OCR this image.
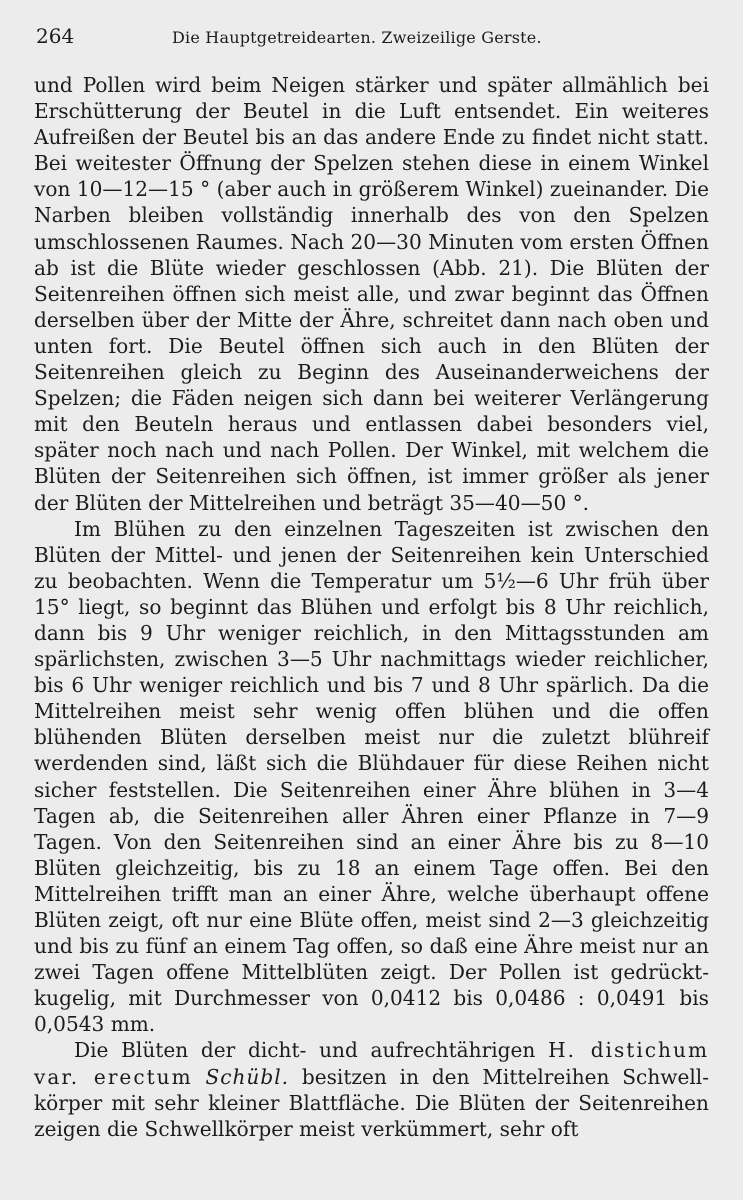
264	Die Hauptgetreidearten. Zweizeilige Gerste.

und Pollen wird beim Neigen stärker und später allmählich bei Erschütterung der Beutel in die Luft entsendet. Ein weiteres Aufreißen der Beutel bis an das andere Ende zu findet nicht statt. Bei weitester Öffnung der Spelzen stehen diese in einem Winkel von 10—12—15 ° (aber auch in größerem Winkel) zueinander. Die Narben bleiben vollständig innerhalb des von den Spelzen umschlossenen Raumes. Nach 20—30 Minuten vom ersten Öffnen ab ist die Blüte wieder geschlossen (Abb. 21). Die Blüten der Seitenreihen öffnen sich meist alle, und zwar beginnt das Öffnen derselben über der Mitte der Ähre, schreitet dann nach oben und unten fort. Die Beutel öffnen sich auch in den Blüten der Seitenreihen gleich zu Beginn des Auseinanderweichens der Spelzen; die Fäden neigen sich dann bei weiterer Verlängerung mit den Beuteln heraus und entlassen dabei besonders viel, später noch nach und nach Pollen. Der Winkel, mit welchem die Blüten der Seitenreihen sich öffnen, ist immer größer als jener der Blüten der Mittelreihen und beträgt 35—40—50 °.

Im Blühen zu den einzelnen Tageszeiten ist zwischen den Blüten der Mittel- und jenen der Seitenreihen kein Unterschied zu beobachten. Wenn die Temperatur um 5½—6 Uhr früh über 15° liegt, so beginnt das Blühen und erfolgt bis 8 Uhr reichlich, dann bis 9 Uhr weniger reichlich, in den Mittagsstunden am spärlichsten, zwischen 3—5 Uhr nachmittags wieder reichlicher, bis 6 Uhr weniger reichlich und bis 7 und 8 Uhr spärlich. Da die Mittelreihen meist sehr wenig offen blühen und die offen blühenden Blüten derselben meist nur die zuletzt blühreif werdenden sind, läßt sich die Blühdauer für diese Reihen nicht sicher feststellen. Die Seitenreihen einer Ähre blühen in 3—4 Tagen ab, die Seitenreihen aller Ähren einer Pflanze in 7—9 Tagen. Von den Seitenreihen sind an einer Ähre bis zu 8—10 Blüten gleichzeitig, bis zu 18 an einem Tage offen. Bei den Mittelreihen trifft man an einer Ähre, welche überhaupt offene Blüten zeigt, oft nur eine Blüte offen, meist sind 2—3 gleichzeitig und bis zu fünf an einem Tag offen, so daß eine Ähre meist nur an zwei Tagen offene Mittelblüten zeigt. Der Pollen ist gedrückt-kugelig, mit Durchmesser von 0,0412 bis 0,0486 : 0,0491 bis 0,0543 mm.

Die Blüten der dicht- und aufrechtährigen H. distichum var. erectum Schübl. besitzen in den Mittelreihen Schwellkörper mit sehr kleiner Blattfläche. Die Blüten der Seitenreihen zeigen die Schwellkörper meist verkümmert, sehr oft
